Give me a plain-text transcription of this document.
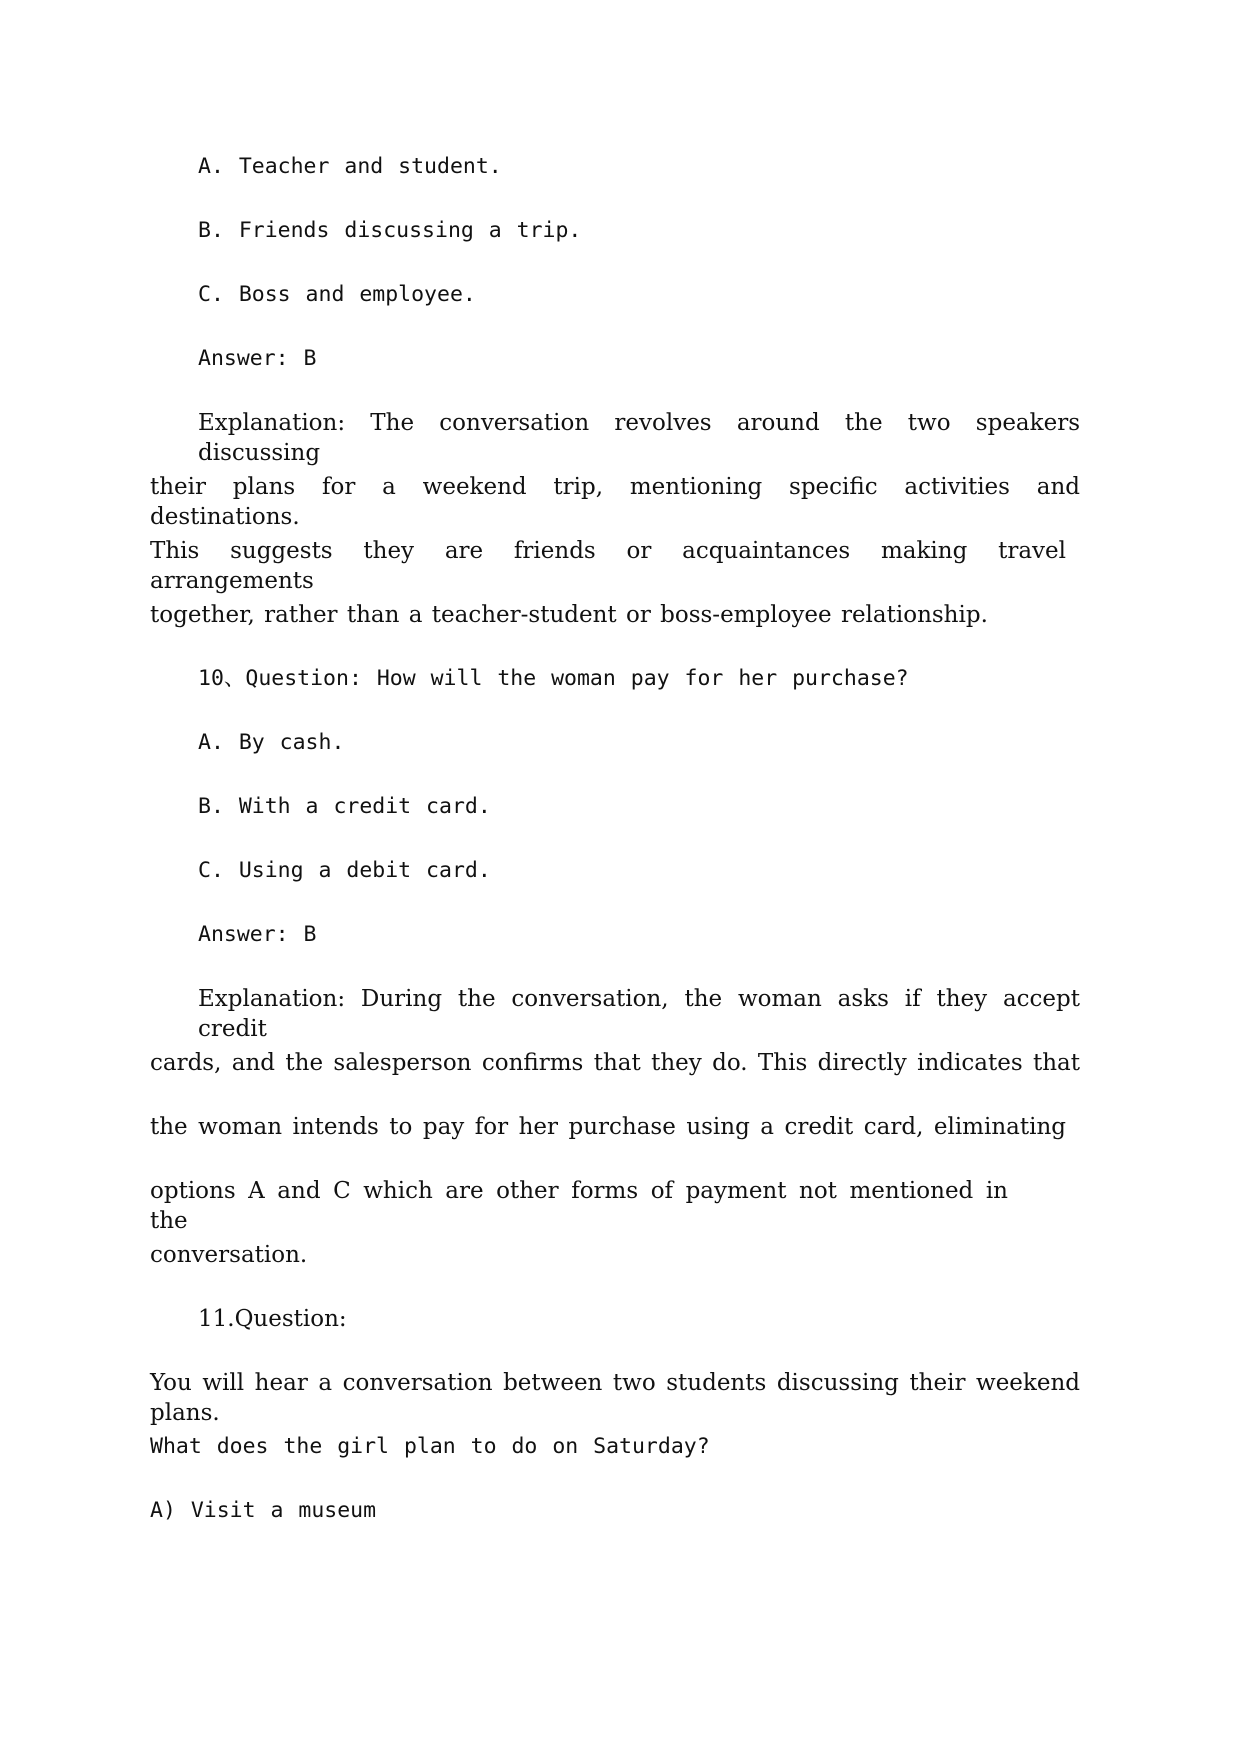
A. Teacher and student.
B. Friends discussing a trip.
C. Boss and employee.
Answer: B
Explanation: The conversation revolves around the two speakers discussing
their plans for a weekend trip, mentioning specific activities and destinations.
This suggests they are friends or acquaintances making travel arrangements
together, rather than a teacher-student or boss-employee relationship.
10、Question: How will the woman pay for her purchase?
A. By cash.
B. With a credit card.
C. Using a debit card.
Answer: B
Explanation: During the conversation, the woman asks if they accept credit
cards, and the salesperson confirms that they do. This directly indicates that
the woman intends to pay for her purchase using a credit card, eliminating
options A and C which are other forms of payment not mentioned in the
conversation.
11.Question:
You will hear a conversation between two students discussing their weekend plans.
What does the girl plan to do on Saturday?
A) Visit a museum
